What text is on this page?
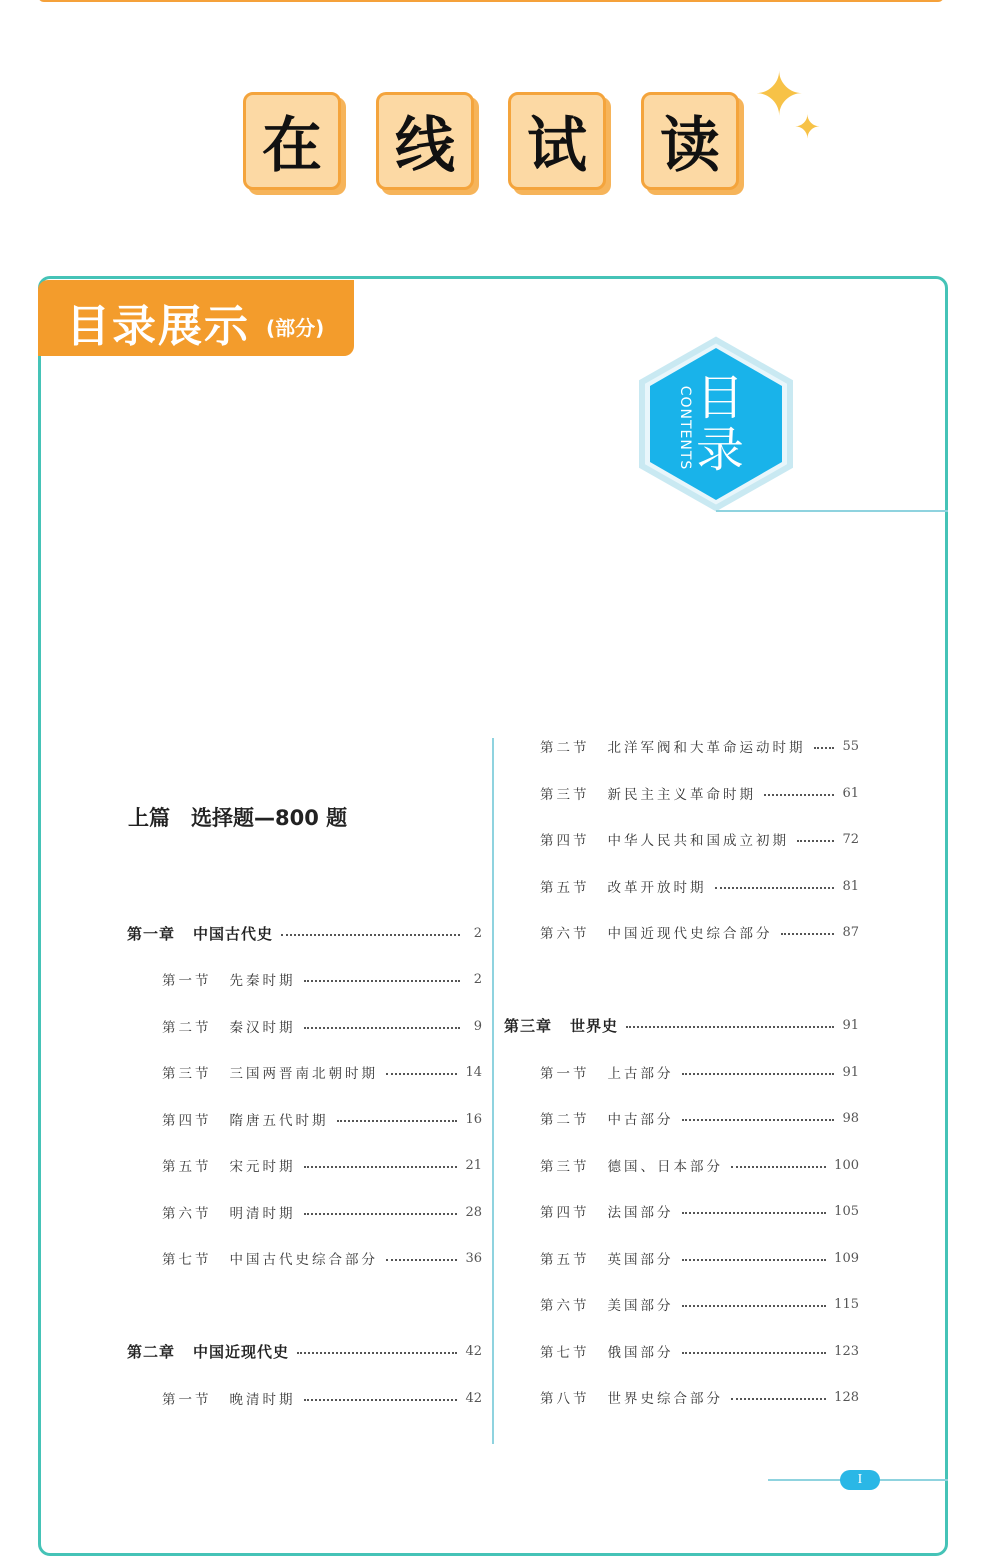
在	线	试	读
✦
✦
目录展示 (部分)
目录
CONTENTS
上篇　选择题—800 题
第一章 中国古代史	2
第一节 先秦时期	2
第二节 秦汉时期	9
第三节 三国两晋南北朝时期	14
第四节 隋唐五代时期	16
第五节 宋元时期	21
第六节 明清时期	28
第七节 中国古代史综合部分	36
第二章 中国近现代史	42
第一节 晚清时期	42
第二节 北洋军阀和大革命运动时期	55
第三节 新民主主义革命时期	61
第四节 中华人民共和国成立初期	72
第五节 改革开放时期	81
第六节 中国近现代史综合部分	87
第三章 世界史	91
第一节 上古部分	91
第二节 中古部分	98
第三节 德国、日本部分	100
第四节 法国部分	105
第五节 英国部分	109
第六节 美国部分	115
第七节 俄国部分	123
第八节 世界史综合部分	128
I
